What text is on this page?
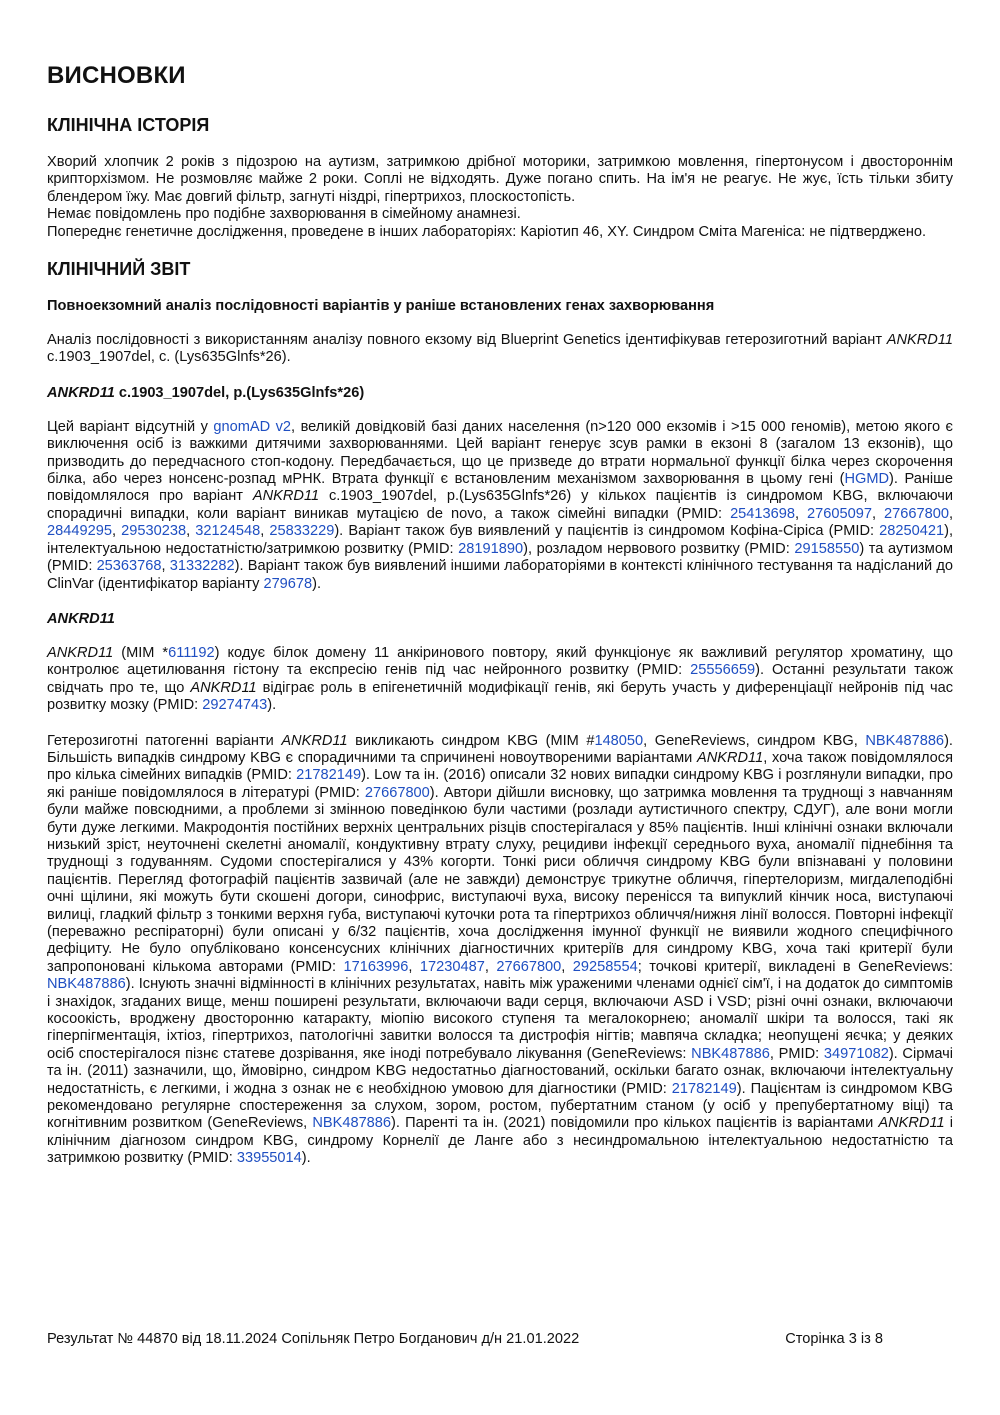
ВИСНОВКИ
КЛІНІЧНА ІСТОРІЯ

Хворий хлопчик 2 років з підозрою на аутизм, затримкою дрібної моторики, затримкою мовлення, гіпертонусом і двостороннім крипторхізмом. Не розмовляє майже 2 роки. Соплі не відходять. Дуже погано спить. На ім'я не реагує. Не жує, їсть тільки збиту блендером їжу. Має довгий фільтр, загнуті ніздрі, гіпертрихоз, плоскостопість.

Немає повідомлень про подібне захворювання в сімейному анамнезі.

Попереднє генетичне дослідження, проведене в інших лабораторіях: Каріотип 46, XY. Синдром Сміта Магеніса: не підтверджено.

КЛІНІЧНИЙ ЗВІТ
Повноекзомний аналіз послідовності варіантів у раніше встановлених генах захворювання

Аналіз послідовності з використанням аналізу повного екзому від Blueprint Genetics ідентифікував гетерозиготний варіант ANKRD11 c.1903_1907del, c. (Lys635Glnfs*26).

ANKRD11 c.1903_1907del, p.(Lys635Glnfs*26)

Цей варіант відсутній у gnomAD v2, великій довідковій базі даних населення (n>120 000 екзомів і >15 000 геномів), метою якого є виключення осіб із важкими дитячими захворюваннями. Цей варіант генерує зсув рамки в екзоні 8 (загалом 13 екзонів), що призводить до передчасного стоп-кодону. Передбачається, що це призведе до втрати нормальної функції білка через скорочення білка, або через нонсенс-розпад мРНК. Втрата функції є встановленим механізмом захворювання в цьому гені (HGMD). Раніше повідомлялося про варіант ANKRD11 c.1903_1907del, p.(Lys635Glnfs*26) у кількох пацієнтів із синдромом KBG, включаючи спорадичні випадки, коли варіант виникав мутацією de novo, а також сімейні випадки (PMID: 25413698, 27605097, 27667800, 28449295, 29530238, 32124548, 25833229). Варіант також був виявлений у пацієнтів із синдромом Кофіна-Сіріса (PMID: 28250421), інтелектуальною недостатністю/затримкою розвитку (PMID: 28191890), розладом нервового розвитку (PMID: 29158550) та аутизмом (PMID: 25363768, 31332282). Варіант також був виявлений іншими лабораторіями в контексті клінічного тестування та надісланий до ClinVar (ідентифікатор варіанту 279678).

ANKRD11

ANKRD11 (MIM *611192) кодує білок домену 11 анкіринового повтору, який функціонує як важливий регулятор хроматину, що контролює ацетилювання гістону та експресію генів під час нейронного розвитку (PMID: 25556659). Останні результати також свідчать про те, що ANKRD11 відіграє роль в епігенетичній модифікації генів, які беруть участь у диференціації нейронів під час розвитку мозку (PMID: 29274743).

Гетерозиготні патогенні варіанти ANKRD11 викликають синдром KBG (MIM #148050, GeneReviews, синдром KBG, NBK487886). Більшість випадків синдрому KBG є спорадичними та спричинені новоутвореними варіантами ANKRD11, хоча також повідомлялося про кілька сімейних випадків (PMID: 21782149). Low та ін. (2016) описали 32 нових випадки синдрому KBG і розглянули випадки, про які раніше повідомлялося в літературі (PMID: 27667800). Автори дійшли висновку, що затримка мовлення та труднощі з навчанням були майже повсюдними, а проблеми зі змінною поведінкою були частими (розлади аутистичного спектру, СДУГ), але вони могли бути дуже легкими. Макродонтія постійних верхніх центральних різців спостерігалася у 85% пацієнтів. Інші клінічні ознаки включали низький зріст, неуточнені скелетні аномалії, кондуктивну втрату слуху, рецидиви інфекції середнього вуха, аномалії піднебіння та труднощі з годуванням. Судоми спостерігалися у 43% когорти. Тонкі риси обличчя синдрому KBG були впізнавані у половини пацієнтів. Перегляд фотографій пацієнтів зазвичай (але не завжди) демонструє трикутне обличчя, гіпертелоризм, мигдалеподібні очні щілини, які можуть бути скошені догори, синофрис, виступаючі вуха, високу перенісся та випуклий кінчик носа, виступаючі вилиці, гладкий фільтр з тонкими верхня губа, виступаючі куточки рота та гіпертрихоз обличчя/нижня лінії волосся. Повторні інфекції (переважно респіраторні) були описані у 6/32 пацієнтів, хоча дослідження імунної функції не виявили жодного специфічного дефіциту. Не було опубліковано консенсусних клінічних діагностичних критеріїв для синдрому KBG, хоча такі критерії були запропоновані кількома авторами (PMID: 17163996, 17230487, 27667800, 29258554; точкові критерії, викладені в GeneReviews: NBK487886). Існують значні відмінності в клінічних результатах, навіть між ураженими членами однієї сім'ї, і на додаток до симптомів і знахідок, згаданих вище, менш поширені результати, включаючи вади серця, включаючи ASD і VSD; різні очні ознаки, включаючи косоокість, вроджену двосторонню катаракту, міопію високого ступеня та мегалокорнею; аномалії шкіри та волосся, такі як гіперпігментація, іхтіоз, гіпертрихоз, патологічні завитки волосся та дистрофія нігтів; мавпяча складка; неопущені яєчка; у деяких осіб спостерігалося пізнє статеве дозрівання, яке іноді потребувало лікування (GeneReviews: NBK487886, PMID: 34971082). Сірмачі та ін. (2011) зазначили, що, ймовірно, синдром KBG недостатньо діагностований, оскільки багато ознак, включаючи інтелектуальну недостатність, є легкими, і жодна з ознак не є необхідною умовою для діагностики (PMID: 21782149). Пацієнтам із синдромом KBG рекомендовано регулярне спостереження за слухом, зором, ростом, пубертатним станом (у осіб у препубертатному віці) та когнітивним розвитком (GeneReviews, NBK487886). Паренті та ін. (2021) повідомили про кількох пацієнтів із варіантами ANKRD11 і клінічним діагнозом синдром KBG, синдрому Корнелії де Ланге або з несиндромальною інтелектуальною недостатністю та затримкою розвитку (PMID: 33955014).

Результат № 44870 від 18.11.2024 Сопільняк Петро Богданович д/н 21.01.2022	Сторінка 3 із 8
